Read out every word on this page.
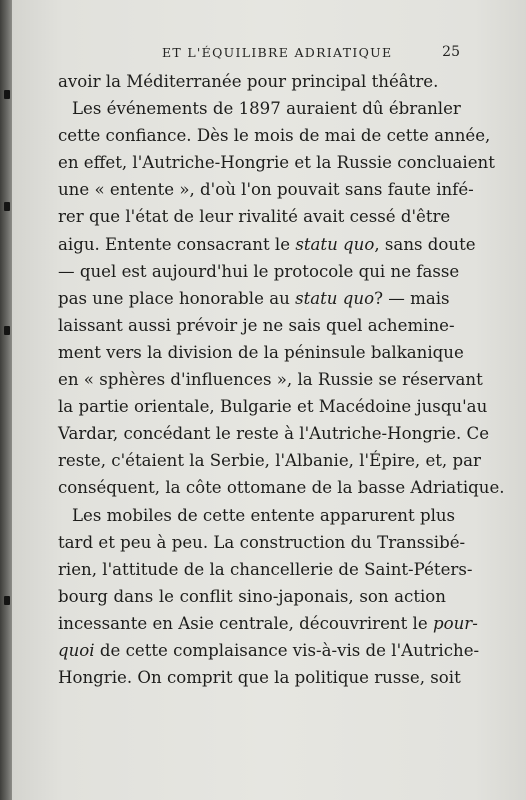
ET L'ÉQUILIBRE ADRIATIQUE	25
avoir la Méditerranée pour principal théâtre.
Les événements de 1897 auraient dû ébranler
cette confiance. Dès le mois de mai de cette année,
en effet, l'Autriche-Hongrie et la Russie concluaient
une « entente », d'où l'on pouvait sans faute infé-
rer que l'état de leur rivalité avait cessé d'être
aigu. Entente consacrant le statu quo, sans doute
— quel est aujourd'hui le protocole qui ne fasse
pas une place honorable au statu quo? — mais
laissant aussi prévoir je ne sais quel achemine-
ment vers la division de la péninsule balkanique
en « sphères d'influences », la Russie se réservant
la partie orientale, Bulgarie et Macédoine jusqu'au
Vardar, concédant le reste à l'Autriche-Hongrie. Ce
reste, c'étaient la Serbie, l'Albanie, l'Épire, et, par
conséquent, la côte ottomane de la basse Adriatique.
Les mobiles de cette entente apparurent plus
tard et peu à peu. La construction du Transsibé-
rien, l'attitude de la chancellerie de Saint-Péters-
bourg dans le conflit sino-japonais, son action
incessante en Asie centrale, découvrirent le pour-
quoi de cette complaisance vis-à-vis de l'Autriche-
Hongrie. On comprit que la politique russe, soit
